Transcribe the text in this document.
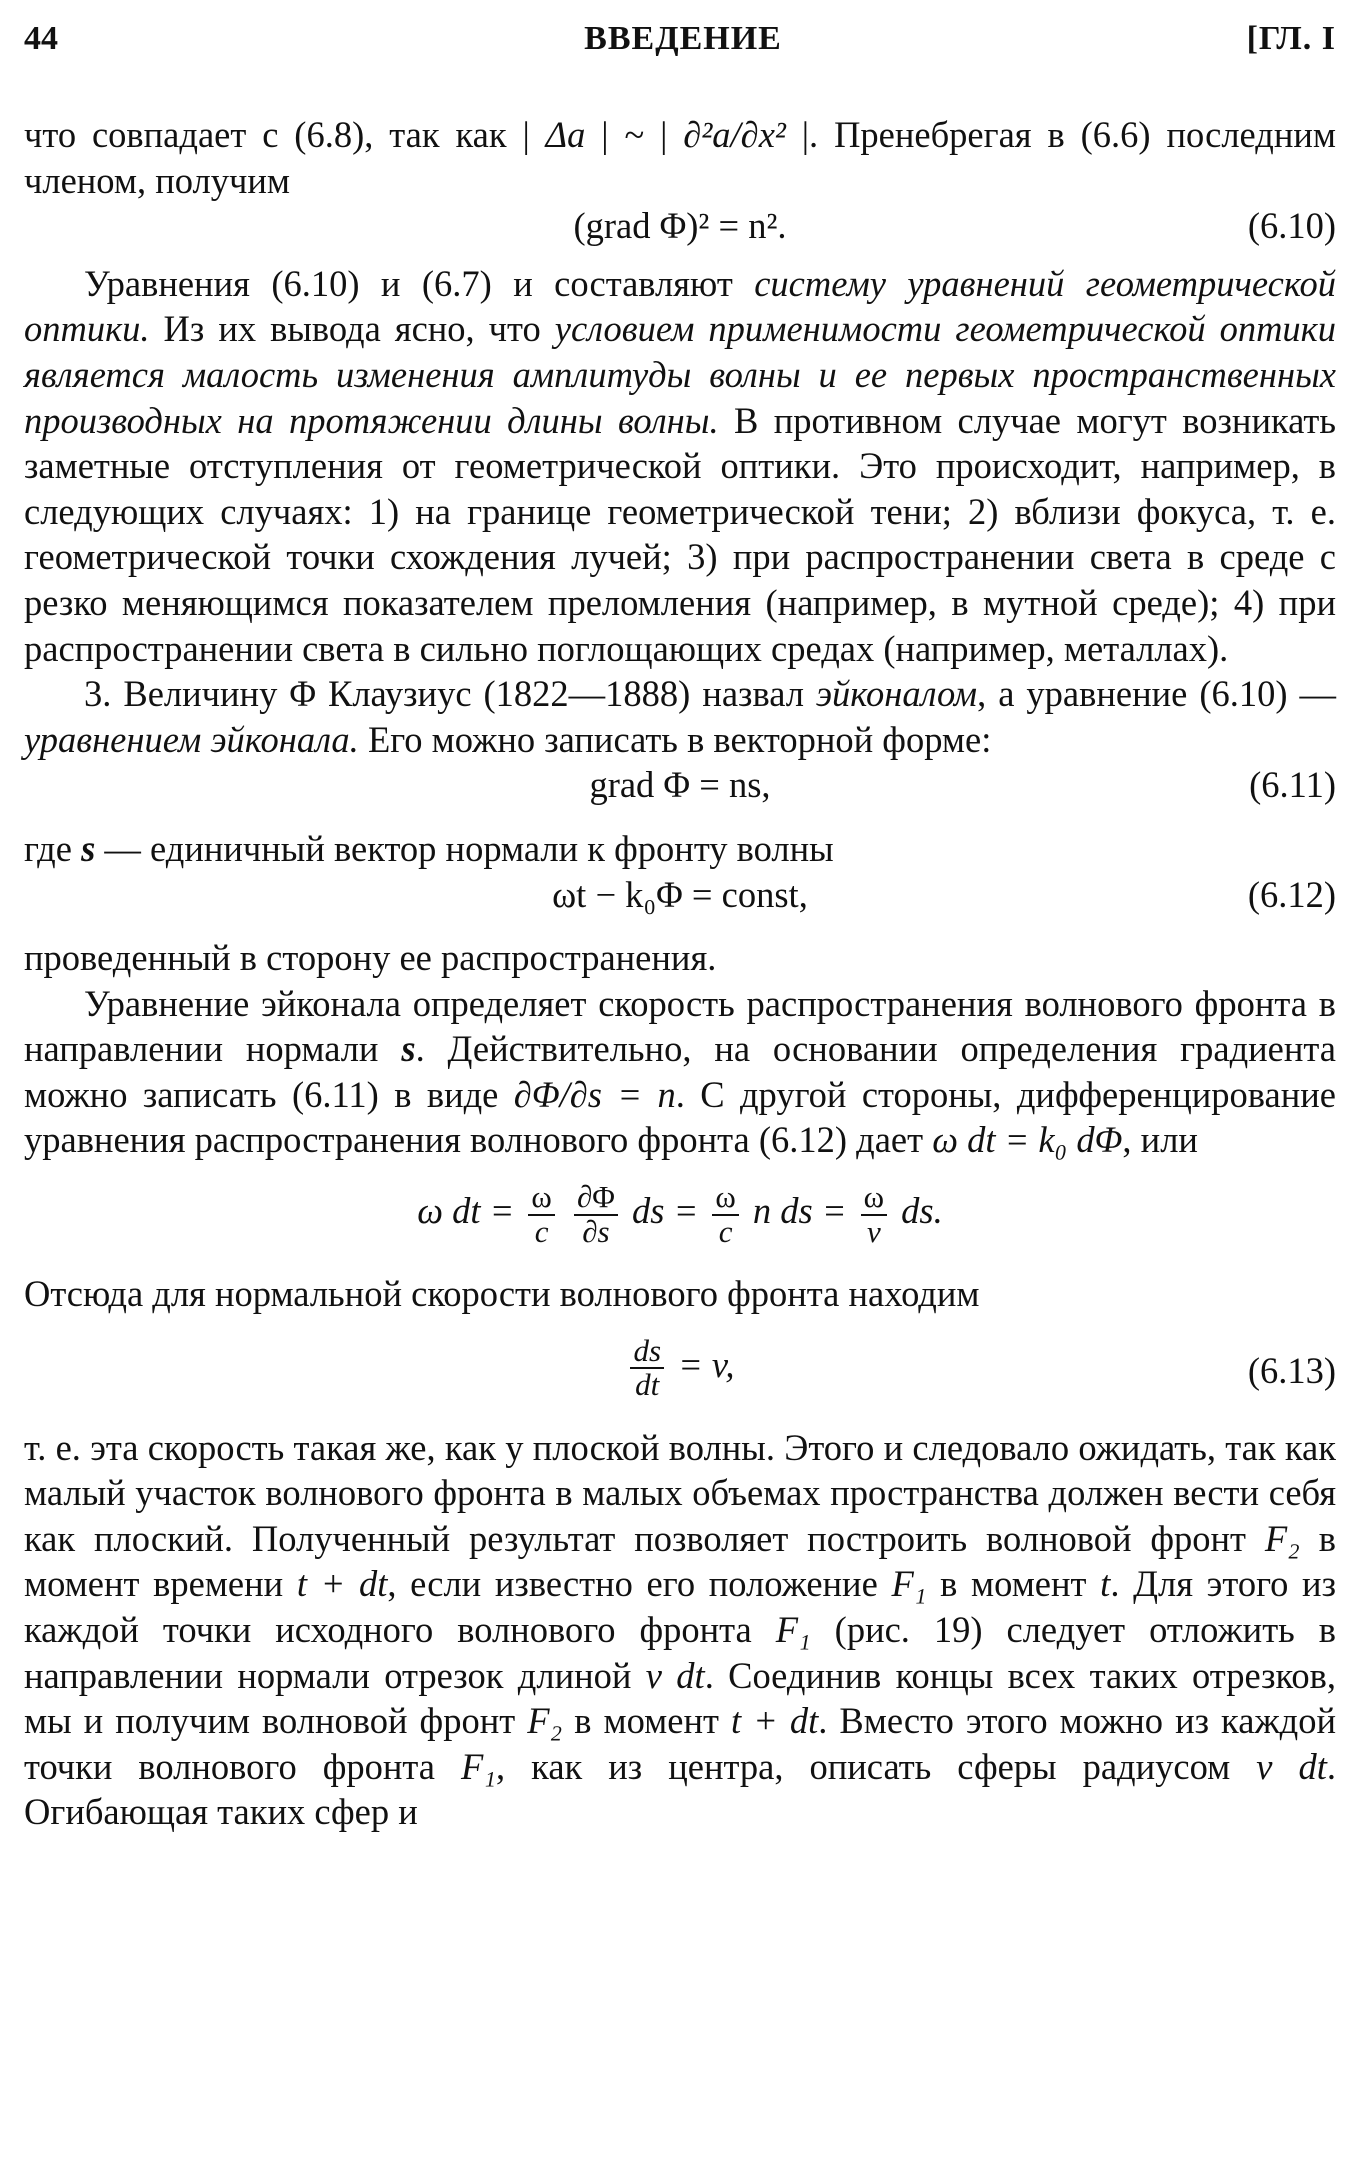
44	ВВЕДЕНИЕ	[ГЛ. I

что совпадает с (6.8), так как | Δa | ~ | ∂²a/∂x² |. Пренебрегая в (6.6) последним членом, получим

(grad Φ)² = n².	(6.10)

Уравнения (6.10) и (6.7) и составляют систему уравнений геометрической оптики. Из их вывода ясно, что условием применимости геометрической оптики является малость изменения амплитуды волны и ее первых пространственных производных на протяжении длины волны. В противном случае могут возникать заметные отступления от геометрической оптики. Это происходит, например, в следующих случаях: 1) на границе геометрической тени; 2) вблизи фокуса, т. е. геометрической точки схождения лучей; 3) при распространении света в среде с резко меняющимся показателем преломления (например, в мутной среде); 4) при распространении света в сильно поглощающих средах (например, металлах).

3. Величину Φ Клаузиус (1822—1888) назвал эйконалом, а уравнение (6.10) — уравнением эйконала. Его можно записать в векторной форме:

grad Φ = ns,	(6.11)

где s — единичный вектор нормали к фронту волны

ωt − k₀Φ = const,	(6.12)

проведенный в сторону ее распространения.

Уравнение эйконала определяет скорость распространения волнового фронта в направлении нормали s. Действительно, на основании определения градиента можно записать (6.11) в виде ∂Φ/∂s = n. С другой стороны, дифференцирование уравнения распространения волнового фронта (6.12) дает ω dt = k₀ dΦ, или

ω dt = $\frac{\omega}{c}$
$\frac{\partial\Phi}{\partial s}$ ds = $\frac{\omega}{c}$ n ds = $\frac{\omega}{v}$ ds.

Отсюда для нормальной скорости волнового фронта находим

$\frac{ds}{dt} = v$,	(6.13)

т. е. эта скорость такая же, как у плоской волны. Этого и следовало ожидать, так как малый участок волнового фронта в малых объемах пространства должен вести себя как плоский. Полученный результат позволяет построить волновой фронт F₂ в момент времени t + dt, если известно его положение F₁ в момент t. Для этого из каждой точки исходного волнового фронта F₁ (рис. 19) следует отложить в направлении нормали отрезок длиной v dt. Соединив концы всех таких отрезков, мы и получим волновой фронт F₂ в момент t + dt. Вместо этого можно из каждой точки волнового фронта F₁, как из центра, описать сферы радиусом v dt. Огибающая таких сфер и
